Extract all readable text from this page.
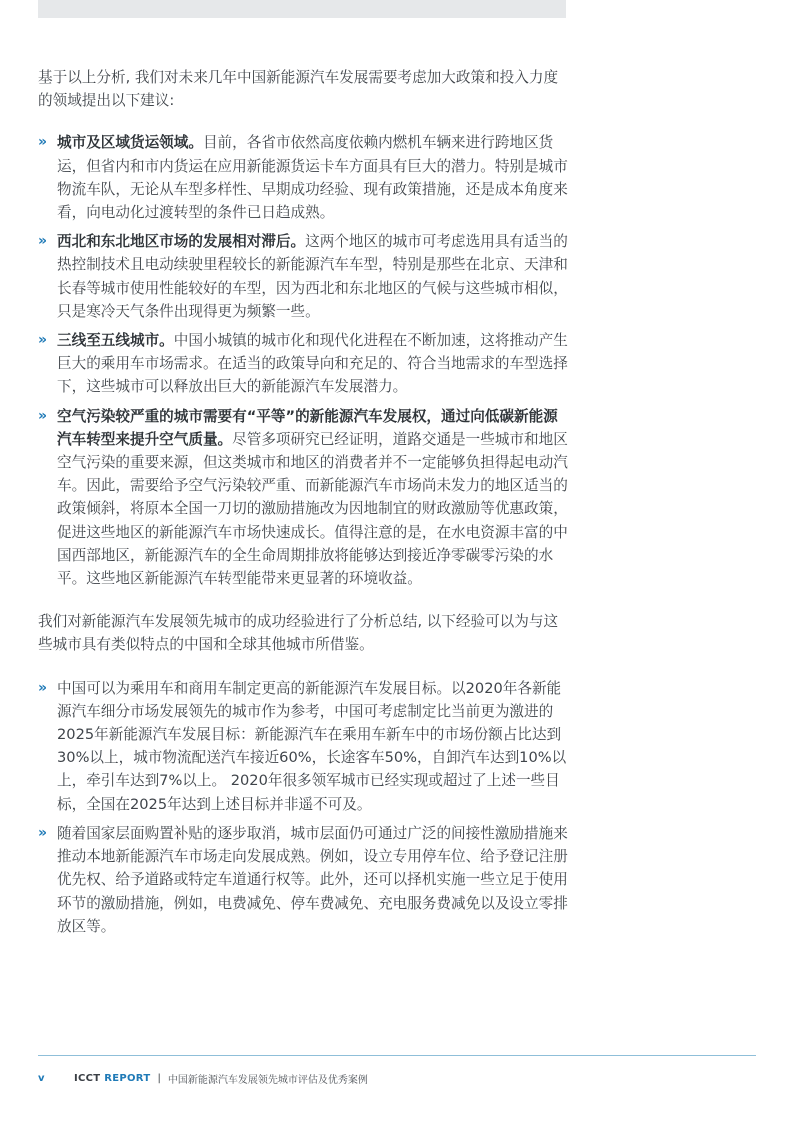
基于以上分析, 我们对未来几年中国新能源汽车发展需要考虑加大政策和投入力度的领域提出以下建议:

» 城市及区域货运领域。目前，各省市依然高度依赖内燃机车辆来进行跨地区货运，但省内和市内货运在应用新能源货运卡车方面具有巨大的潜力。特别是城市物流车队，无论从车型多样性、早期成功经验、现有政策措施，还是成本角度来看，向电动化过渡转型的条件已日趋成熟。

» 西北和东北地区市场的发展相对滞后。这两个地区的城市可考虑选用具有适当的热控制技术且电动续驶里程较长的新能源汽车车型，特别是那些在北京、天津和长春等城市使用性能较好的车型，因为西北和东北地区的气候与这些城市相似，只是寒冷天气条件出现得更为频繁一些。

» 三线至五线城市。中国小城镇的城市化和现代化进程在不断加速，这将推动产生巨大的乘用车市场需求。在适当的政策导向和充足的、符合当地需求的车型选择下，这些城市可以释放出巨大的新能源汽车发展潜力。

» 空气污染较严重的城市需要有“平等”的新能源汽车发展权，通过向低碳新能源汽车转型来提升空气质量。尽管多项研究已经证明，道路交通是一些城市和地区空气污染的重要来源，但这类城市和地区的消费者并不一定能够负担得起电动汽车。因此，需要给予空气污染较严重、而新能源汽车市场尚未发力的地区适当的政策倾斜，将原本全国一刀切的激励措施改为因地制宜的财政激励等优惠政策，促进这些地区的新能源汽车市场快速成长。值得注意的是，在水电资源丰富的中国西部地区，新能源汽车的全生命周期排放将能够达到接近净零碳零污染的水平。这些地区新能源汽车转型能带来更显著的环境收益。

我们对新能源汽车发展领先城市的成功经验进行了分析总结, 以下经验可以为与这些城市具有类似特点的中国和全球其他城市所借鉴。

» 中国可以为乘用车和商用车制定更高的新能源汽车发展目标。以2020年各新能源汽车细分市场发展领先的城市作为参考，中国可考虑制定比当前更为激进的2025年新能源汽车发展目标：新能源汽车在乘用车新车中的市场份额占比达到30%以上，城市物流配送汽车接近60%，长途客车50%，自卸汽车达到10%以上，牵引车达到7%以上。 2020年很多领军城市已经实现或超过了上述一些目标，全国在2025年达到上述目标并非遥不可及。

» 随着国家层面购置补贴的逐步取消，城市层面仍可通过广泛的间接性激励措施来推动本地新能源汽车市场走向发展成熟。例如，设立专用停车位、给予登记注册优先权、给予道路或特定车道通行权等。此外，还可以择机实施一些立足于使用环节的激励措施，例如，电费减免、停车费减免、充电服务费减免以及设立零排放区等。

v	ICCT REPORT | 中国新能源汽车发展领先城市评估及优秀案例
